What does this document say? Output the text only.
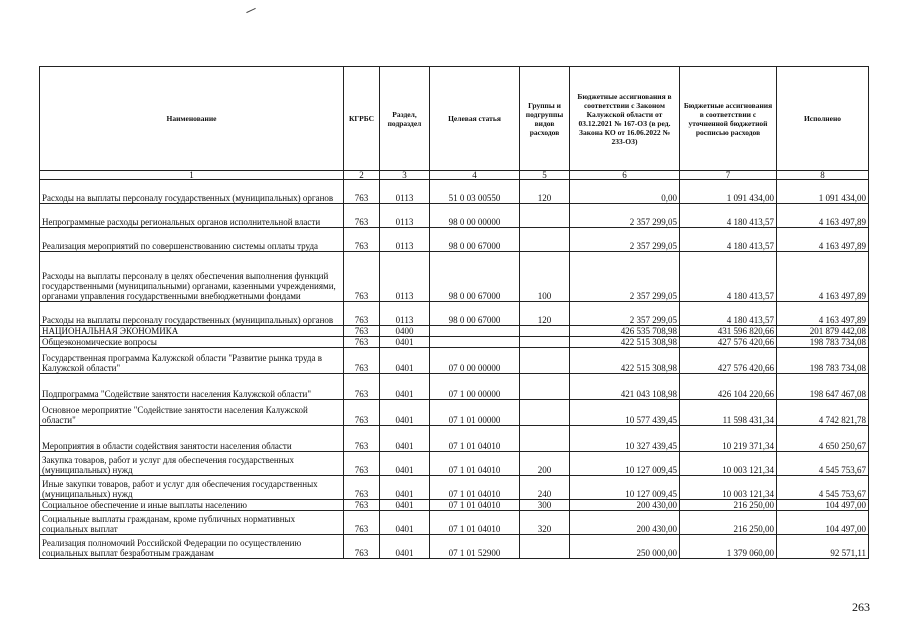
Наименование	КГРБС	Раздел, подраздел	Целевая статья	Группы и подгруппы видов расходов	Бюджетные ассигнования в соответствии с Законом Калужской области от 03.12.2021 № 167-ОЗ (в ред. Закона КО от 16.06.2022 № 233-ОЗ)	Бюджетные ассигнования в соответствии с уточненной бюджетной росписью расходов	Исполнено
1	2	3	4	5	6	7	8
Расходы на выплаты персоналу государственных (муниципальных) органов	763	0113	51 0 03 00550	120	0,00	1 091 434,00	1 091 434,00
Непрограммные расходы региональных органов исполнительной власти	763	0113	98 0 00 00000		2 357 299,05	4 180 413,57	4 163 497,89
Реализация мероприятий по совершенствованию системы оплаты труда	763	0113	98 0 00 67000		2 357 299,05	4 180 413,57	4 163 497,89
Расходы на выплаты персоналу в целях обеспечения выполнения функций государственными (муниципальными) органами, казенными учреждениями, органами управления государственными внебюджетными фондами	763	0113	98 0 00 67000	100	2 357 299,05	4 180 413,57	4 163 497,89
Расходы на выплаты персоналу государственных (муниципальных) органов	763	0113	98 0 00 67000	120	2 357 299,05	4 180 413,57	4 163 497,89
НАЦИОНАЛЬНАЯ ЭКОНОМИКА	763	0400			426 535 708,98	431 596 820,66	201 879 442,08
Общеэкономические вопросы	763	0401			422 515 308,98	427 576 420,66	198 783 734,08
Государственная программа Калужской области "Развитие рынка труда в Калужской области"	763	0401	07 0 00 00000		422 515 308,98	427 576 420,66	198 783 734,08
Подпрограмма "Содействие занятости населения Калужской области"	763	0401	07 1 00 00000		421 043 108,98	426 104 220,66	198 647 467,08
Основное мероприятие "Содействие занятости населения Калужской области"	763	0401	07 1 01 00000		10 577 439,45	11 598 431,34	4 742 821,78
Мероприятия в области содействия занятости населения области	763	0401	07 1 01 04010		10 327 439,45	10 219 371,34	4 650 250,67
Закупка товаров, работ и услуг для обеспечения государственных (муниципальных) нужд	763	0401	07 1 01 04010	200	10 127 009,45	10 003 121,34	4 545 753,67
Иные закупки товаров, работ и услуг для обеспечения государственных (муниципальных) нужд	763	0401	07 1 01 04010	240	10 127 009,45	10 003 121,34	4 545 753,67
Социальное обеспечение и иные выплаты населению	763	0401	07 1 01 04010	300	200 430,00	216 250,00	104 497,00
Социальные выплаты гражданам, кроме публичных нормативных социальных выплат	763	0401	07 1 01 04010	320	200 430,00	216 250,00	104 497,00
Реализация полномочий Российской Федерации по осуществлению социальных выплат безработным гражданам	763	0401	07 1 01 52900		250 000,00	1 379 060,00	92 571,11
263
